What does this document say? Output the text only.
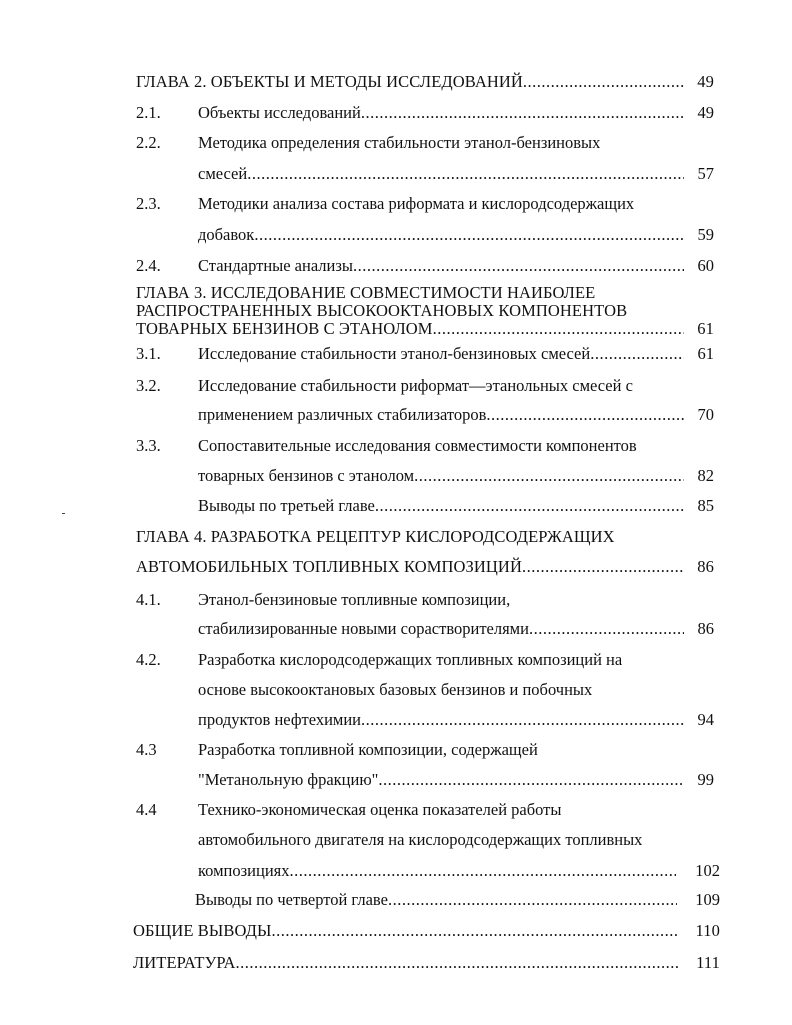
ГЛАВА 2. ОБЪЕКТЫ И МЕТОДЫ ИССЛЕДОВАНИЙ .....	49
2.1. Объекты исследований .....	49
2.2. Методика определения стабильности этанол-бензиновых
смесей .....	57
2.3. Методики анализа состава риформата и кислородсодержащих
добавок .....	59
2.4. Стандартные анализы .....	60
ГЛАВА 3. ИССЛЕДОВАНИЕ СОВМЕСТИМОСТИ НАИБОЛЕЕ
РАСПРОСТРАНЕННЫХ ВЫСОКООКТАНОВЫХ КОМПОНЕНТОВ
ТОВАРНЫХ БЕНЗИНОВ С ЭТАНОЛОМ .....	61
3.1. Исследование стабильности этанол-бензиновых смесей .....	61
3.2. Исследование стабильности риформат—этанольных смесей с
применением различных стабилизаторов .....	70
3.3. Сопоставительные исследования совместимости компонентов
товарных бензинов с этанолом .....	82
Выводы по третьей главе .....	85
ГЛАВА 4. РАЗРАБОТКА РЕЦЕПТУР КИСЛОРОДСОДЕРЖАЩИХ
АВТОМОБИЛЬНЫХ ТОПЛИВНЫХ КОМПОЗИЦИЙ .....	86
4.1. Этанол-бензиновые топливные композиции,
стабилизированные новыми сорастворителями .....	86
4.2. Разработка кислородсодержащих топливных композиций на
основе высокооктановых базовых бензинов и побочных
продуктов нефтехимии .....	94
4.3	Разработка топливной композиции, содержащей
"Метанольную фракцию" .....	99
4.4	Технико-экономическая оценка показателей работы
автомобильного двигателя на кислородсодержащих топливных
композициях .....	102
Выводы по четвертой главе .....	109
ОБЩИЕ ВЫВОДЫ .....	110
ЛИТЕРАТУРА .....	111
